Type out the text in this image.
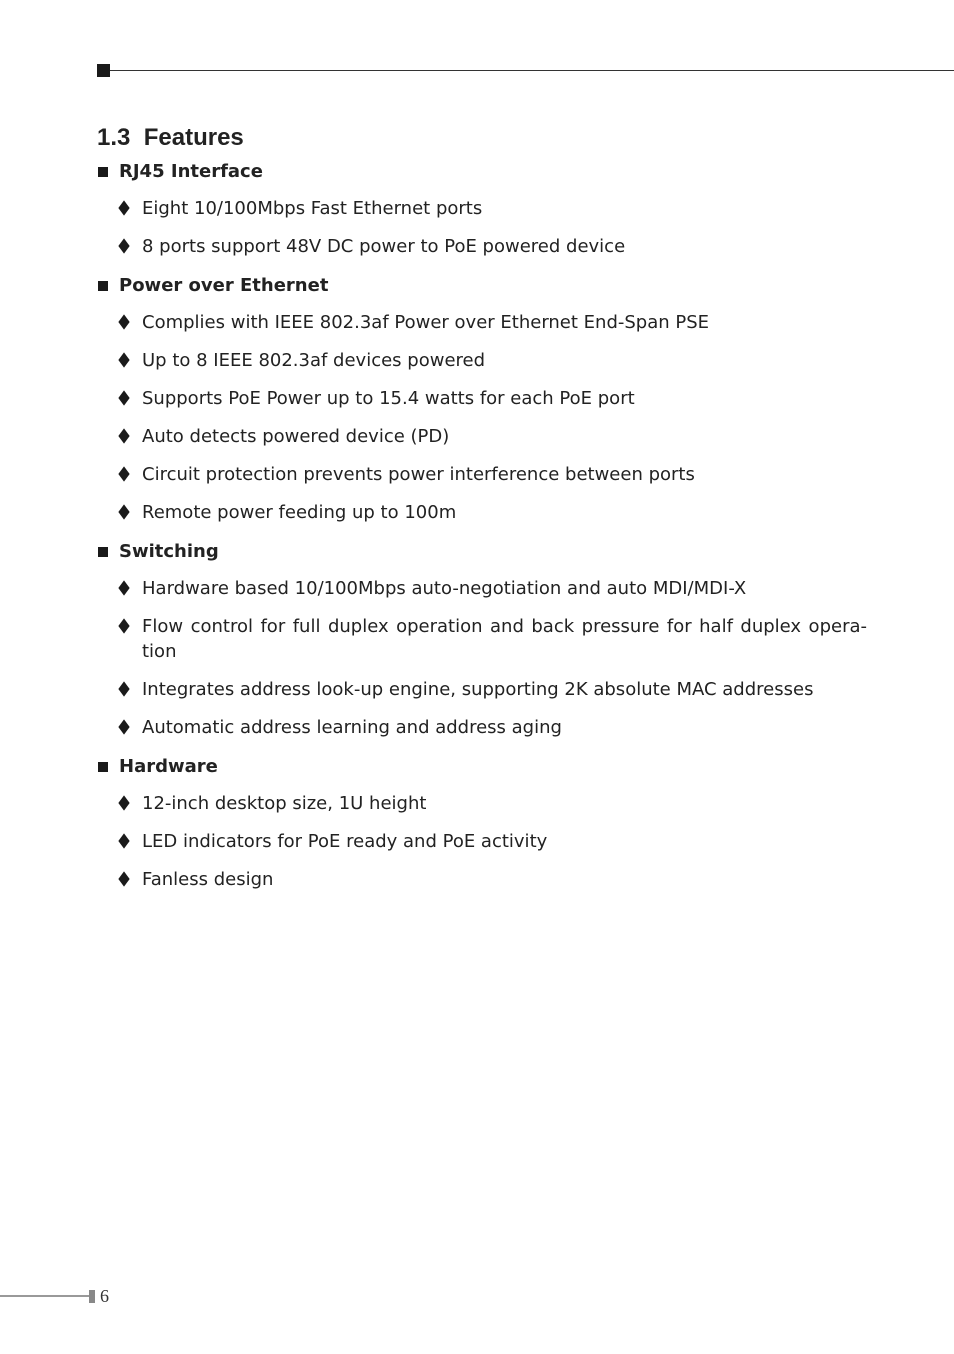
1.3 Features
RJ45 Interface
Eight 10/100Mbps Fast Ethernet ports
8 ports support 48V DC power to PoE powered device
Power over Ethernet
Complies with IEEE 802.3af Power over Ethernet End-Span PSE
Up to 8 IEEE 802.3af devices powered
Supports PoE Power up to 15.4 watts for each PoE port
Auto detects powered device (PD)
Circuit protection prevents power interference between ports
Remote power feeding up to 100m
Switching
Hardware based 10/100Mbps auto-negotiation and auto MDI/MDI-X
Flow control for full duplex operation and back pressure for half duplex opera-tion
Integrates address look-up engine, supporting 2K absolute MAC addresses
Automatic address learning and address aging
Hardware
12-inch desktop size, 1U height
LED indicators for PoE ready and PoE activity
Fanless design
6
